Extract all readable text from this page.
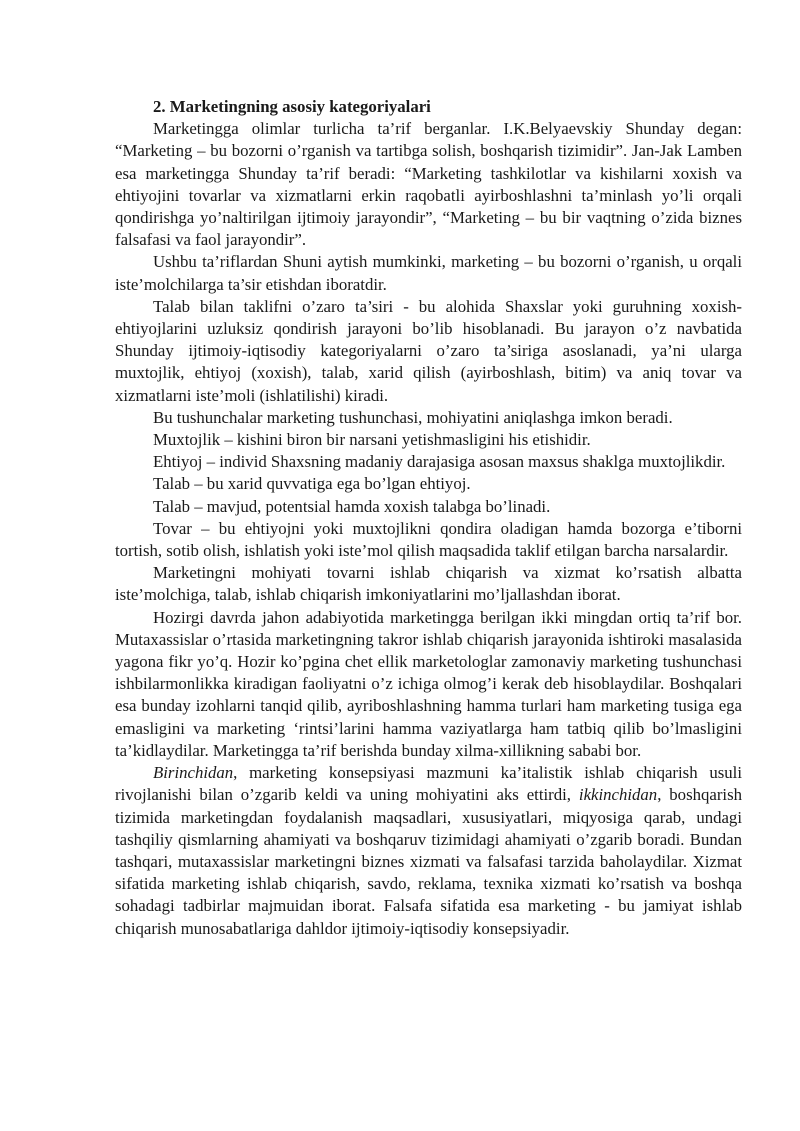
2. Marketingning asosiy kategoriyalari

Marketingga olimlar turlicha ta’rif berganlar. I.K.Belyaevskiy Shunday degan: “Marketing – bu bozorni o’rganish va tartibga solish, boshqarish tizimidir”. Jan-Jak Lamben esa marketingga Shunday ta’rif beradi: “Marketing tashkilotlar va kishilarni xoxish va ehtiyojini tovarlar va xizmatlarni erkin raqobatli ayirboshlashni ta’minlash yo’li orqali qondirishga yo’naltirilgan ijtimoiy jarayondir”, “Marketing – bu bir vaqtning o’zida biznes falsafasi va faol jarayondir”.

Ushbu ta’riflardan Shuni aytish mumkinki, marketing – bu bozorni o’rganish, u orqali iste’molchilarga ta’sir etishdan iboratdir.

Talab bilan taklifni o’zaro ta’siri - bu alohida Shaxslar yoki guruhning xoxish-ehtiyojlarini uzluksiz qondirish jarayoni bo’lib hisoblanadi. Bu jarayon o’z navbatida Shunday ijtimoiy-iqtisodiy kategoriyalarni o’zaro ta’siriga asoslanadi, ya’ni ularga muxtojlik, ehtiyoj (xoxish), talab, xarid qilish (ayirboshlash, bitim) va aniq tovar va xizmatlarni iste’moli (ishlatilishi) kiradi.

Bu tushunchalar marketing tushunchasi, mohiyatini aniqlashga imkon beradi.

Muxtojlik – kishini biron bir narsani yetishmasligini his etishidir.

Ehtiyoj – individ Shaxsning madaniy darajasiga asosan maxsus shaklga muxtojlikdir.

Talab – bu xarid quvvatiga ega bo’lgan ehtiyoj.

Talab – mavjud, potentsial hamda xoxish talabga bo’linadi.

Tovar – bu ehtiyojni yoki muxtojlikni qondira oladigan hamda bozorga e’tiborni tortish, sotib olish, ishlatish yoki iste’mol qilish maqsadida taklif etilgan barcha narsalardir.

Marketingni mohiyati tovarni ishlab chiqarish va xizmat ko’rsatish albatta iste’molchiga, talab, ishlab chiqarish imkoniyatlarini mo’ljallashdan iborat.

Hozirgi davrda jahon adabiyotida marketingga berilgan ikki mingdan ortiq ta’rif bor. Mutaxassislar o’rtasida marketingning takror ishlab chiqarish jarayonida ishtiroki masalasida yagona fikr yo’q. Hozir ko’pgina chet ellik marketologlar zamonaviy marketing tushunchasi ishbilarmonlikka kiradigan faoliyatni o’z ichiga olmog’i kerak deb hisoblaydilar. Boshqalari esa bunday izohlarni tanqid qilib, ayriboshlashning hamma turlari ham marketing tusiga ega emasligini va marketing ‘rintsi’larini hamma vaziyatlarga ham tatbiq qilib bo’lmasligini ta’kidlaydilar. Marketingga ta’rif berishda bunday xilma-xillikning sababi bor.

Birinchidan, marketing konsepsiyasi mazmuni ka’italistik ishlab chiqarish usuli rivojlanishi bilan o’zgarib keldi va uning mohiyatini aks ettirdi, ikkinchidan, boshqarish tizimida marketingdan foydalanish maqsadlari, xususiyatlari, miqyosiga qarab, undagi tashqiliy qismlarning ahamiyati va boshqaruv tizimidagi ahamiyati o’zgarib boradi. Bundan tashqari, mutaxassislar marketingni biznes xizmati va falsafasi tarzida baholaydilar. Xizmat sifatida marketing ishlab chiqarish, savdo, reklama, texnika xizmati ko’rsatish va boshqa sohadagi tadbirlar majmuidan iborat. Falsafa sifatida esa marketing - bu jamiyat ishlab chiqarish munosabatlariga dahldor ijtimoiy-iqtisodiy konsepsiyadir.
